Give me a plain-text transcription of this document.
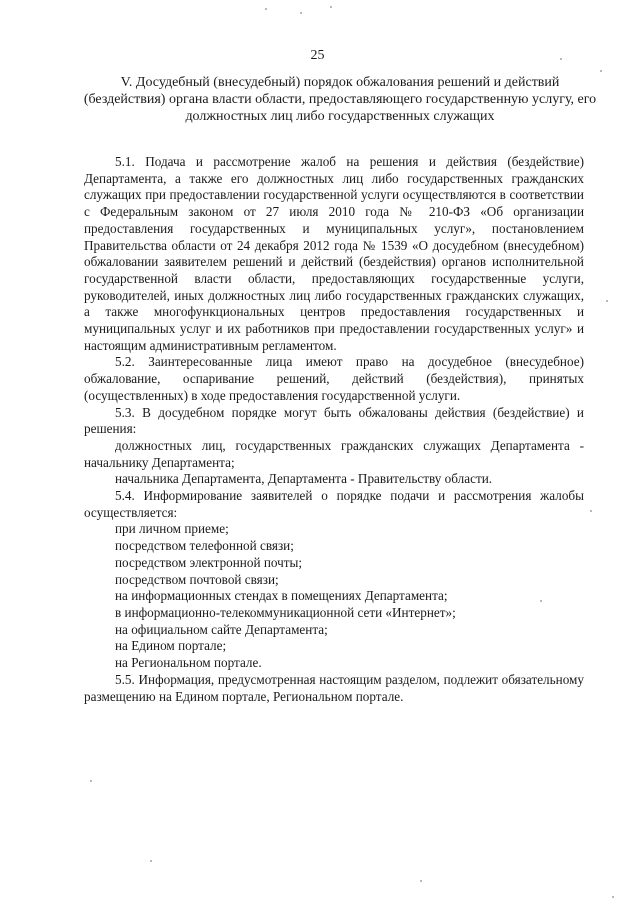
25
V. Досудебный (внесудебный) порядок обжалования решений и действий (бездействия) органа власти области, предоставляющего государственную услугу, его должностных лиц либо государственных служащих

5.1. Подача и рассмотрение жалоб на решения и действия (бездействие) Департамента, а также его должностных лиц либо государственных гражданских служащих при предоставлении государственной услуги осуществляются в соответствии с Федеральным законом от 27 июля 2010 года № 210-ФЗ «Об организации предоставления государственных и муниципальных услуг», постановлением Правительства области от 24 декабря 2012 года № 1539 «О досудебном (внесудебном) обжаловании заявителем решений и действий (бездействия) органов исполнительной государственной власти области, предоставляющих государственные услуги, руководителей, иных должностных лиц либо государственных гражданских служащих, а также многофункциональных центров предоставления государственных и муниципальных услуг и их работников при предоставлении государственных услуг» и настоящим административным регламентом.

5.2. Заинтересованные лица имеют право на досудебное (внесудебное) обжалование, оспаривание решений, действий (бездействия), принятых (осуществленных) в ходе предоставления государственной услуги.

5.3. В досудебном порядке могут быть обжалованы действия (бездействие) и решения:

должностных лиц, государственных гражданских служащих Департамента - начальнику Департамента;

начальника Департамента, Департамента - Правительству области.

5.4. Информирование заявителей о порядке подачи и рассмотрения жалобы осуществляется:

при личном приеме;

посредством телефонной связи;

посредством электронной почты;

посредством почтовой связи;

на информационных стендах в помещениях Департамента;

в информационно-телекоммуникационной сети «Интернет»;

на официальном сайте Департамента;

на Едином портале;

на Региональном портале.

5.5. Информация, предусмотренная настоящим разделом, подлежит обязательному размещению на Едином портале, Региональном портале.
